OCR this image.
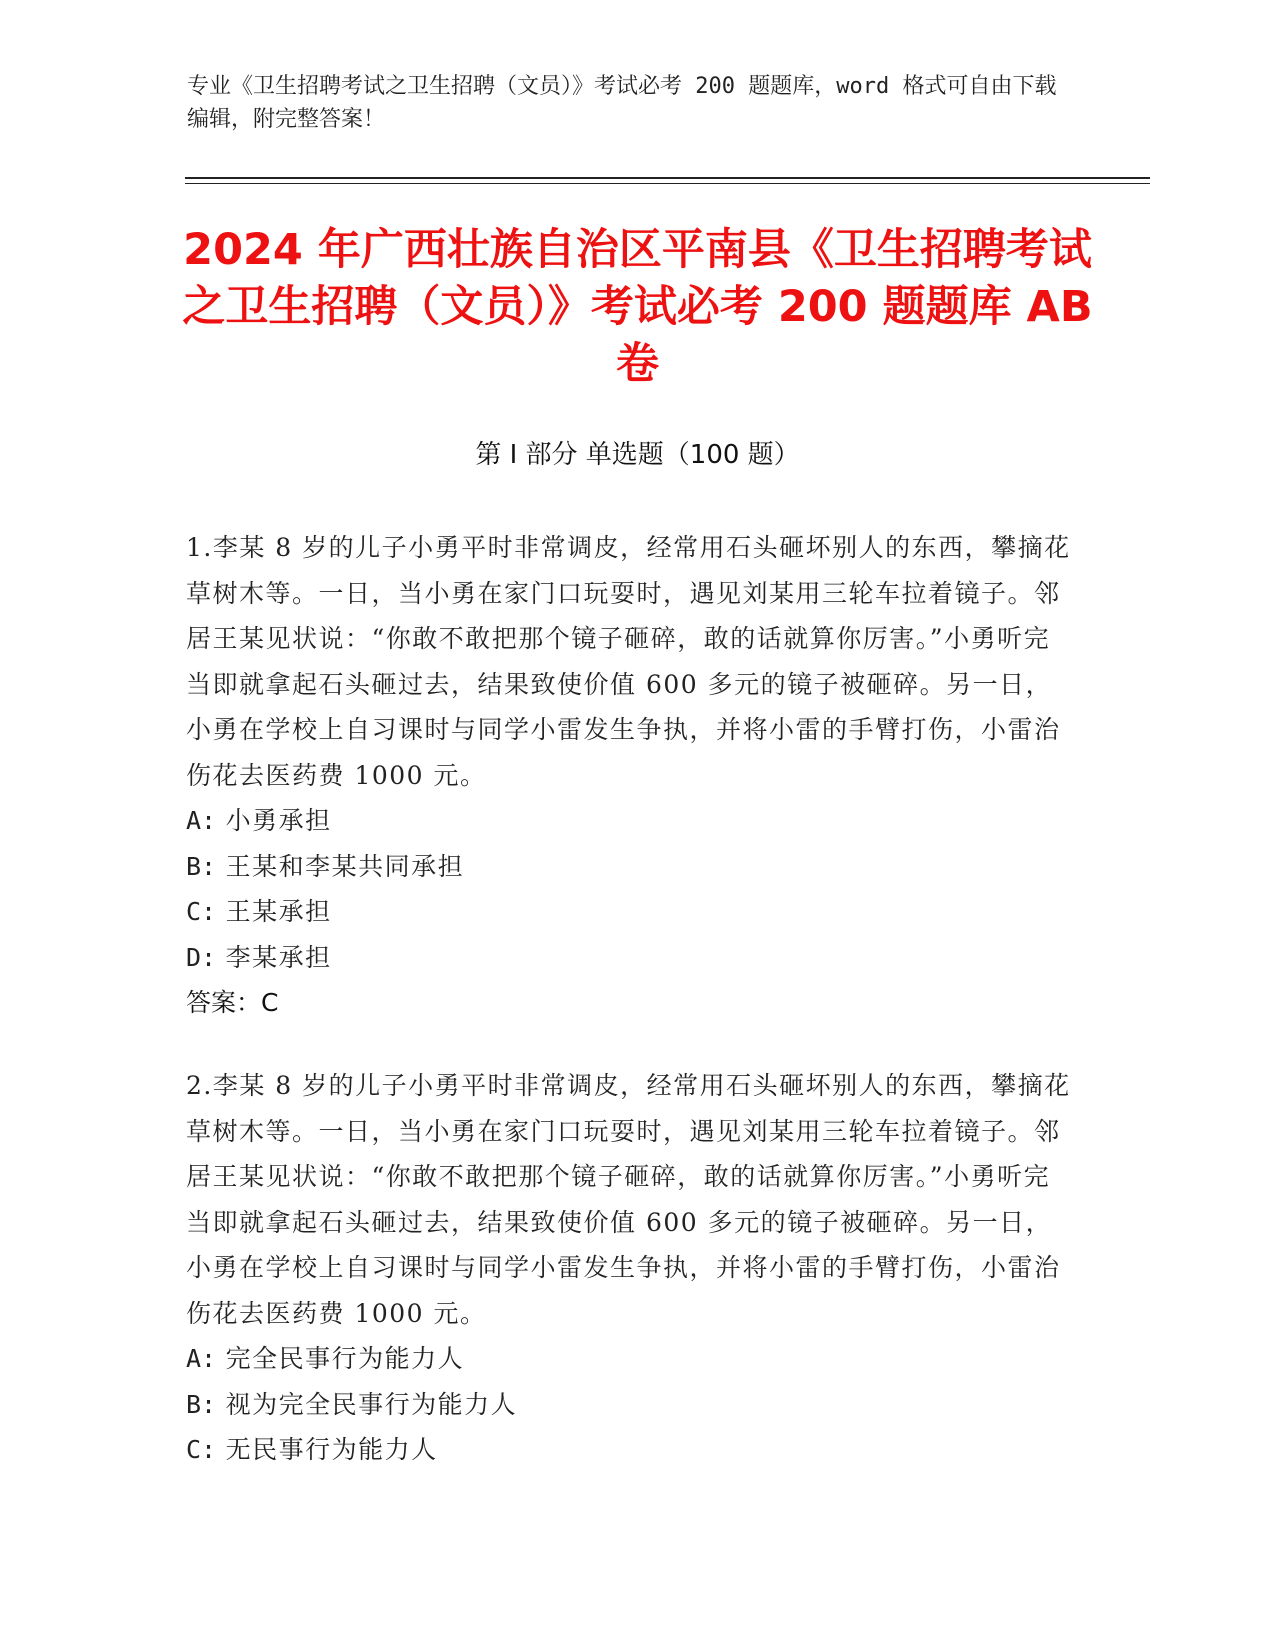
专业《卫生招聘考试之卫生招聘（文员）》考试必考 200 题题库，word 格式可自由下载编辑，附完整答案！
2024 年广西壮族自治区平南县《卫生招聘考试之卫生招聘（文员）》考试必考 200 题题库 AB 卷
第 I 部分 单选题（100 题）

1.李某 8 岁的儿子小勇平时非常调皮，经常用石头砸坏别人的东西，攀摘花草树木等。一日，当小勇在家门口玩耍时，遇见刘某用三轮车拉着镜子。邻居王某见状说：“你敢不敢把那个镜子砸碎，敢的话就算你厉害。”小勇听完当即就拿起石头砸过去，结果致使价值 600 多元的镜子被砸碎。另一日，小勇在学校上自习课时与同学小雷发生争执，并将小雷的手臂打伤，小雷治伤花去医药费 1000 元。

A: 小勇承担

B: 王某和李某共同承担

C: 王某承担

D: 李某承担

答案：C

2.李某 8 岁的儿子小勇平时非常调皮，经常用石头砸坏别人的东西，攀摘花草树木等。一日，当小勇在家门口玩耍时，遇见刘某用三轮车拉着镜子。邻居王某见状说：“你敢不敢把那个镜子砸碎，敢的话就算你厉害。”小勇听完当即就拿起石头砸过去，结果致使价值 600 多元的镜子被砸碎。另一日，小勇在学校上自习课时与同学小雷发生争执，并将小雷的手臂打伤，小雷治伤花去医药费 1000 元。

A: 完全民事行为能力人

B: 视为完全民事行为能力人

C: 无民事行为能力人
